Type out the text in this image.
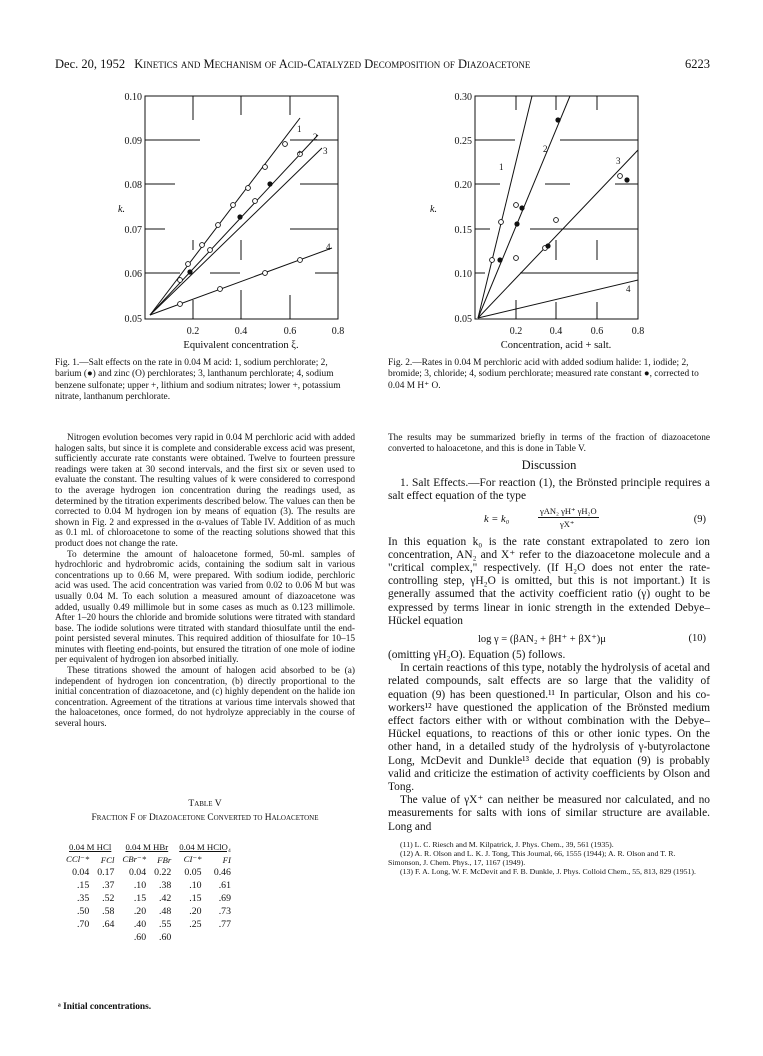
Dec. 20, 1952 Kinetics and Mechanism of Acid-Catalyzed Decomposition of Diazoacetone	6223
0.10
0.09
0.08
0.07
0.06
0.05
0.2	0.4	0.6	0.8
k.
1
2
3
+
4
Equivalent concentration ξ.
Fig. 1.—Salt effects on the rate in 0.04 M acid: 1, sodium perchlorate; 2, barium (●) and zinc (O) perchlorates; 3, lanthanum perchlorate; 4, sodium benzene sulfonate; upper +, lithium and sodium nitrates; lower +, potassium nitrate, lanthanum perchlorate.
0.30
0.25
0.20
0.15
0.10
0.05
0.2	0.4	0.6	0.8
k.
1
2
3
4
Concentration, acid + salt.
Fig. 2.—Rates in 0.04 M perchloric acid with added sodium halide: 1, iodide; 2, bromide; 3, chloride; 4, sodium perchlorate; measured rate constant ●, corrected to 0.04 M H⁺ O.

Nitrogen evolution becomes very rapid in 0.04 M perchloric acid with added halogen salts, but since it is complete and considerable excess acid was present, sufficiently accurate rate constants were obtained. Twelve to fourteen pressure readings were taken at 30 second intervals, and the first six or seven used to evaluate the constant. The resulting values of k were considered to correspond to the average hydrogen ion concentration during the readings used, as determined by the titration experiments described below. The values can then be corrected to 0.04 M hydrogen ion by means of equation (3). The results are shown in Fig. 2 and expressed in the α-values of Table IV. Addition of as much as 0.1 ml. of chloroacetone to some of the reacting solutions showed that this product does not change the rate.

To determine the amount of haloacetone formed, 50-ml. samples of hydrochloric and hydrobromic acids, containing the sodium salt in various concentrations up to 0.66 M, were prepared. With sodium iodide, perchloric acid was used. The acid concentration was varied from 0.02 to 0.06 M but was usually 0.04 M. To each solution a measured amount of diazoacetone was added, usually 0.49 millimole but in some cases as much as 0.123 millimole. After 1–20 hours the chloride and bromide solutions were titrated with standard base. The iodide solutions were titrated with standard thiosulfate until the end-point persisted several minutes. This required addition of thiosulfate for 10–15 minutes with fleeting end-points, but ensured the titration of one mole of iodine per equivalent of hydrogen ion absorbed initially.

These titrations showed the amount of halogen acid absorbed to be (a) independent of hydrogen ion concentration, (b) directly proportional to the initial concentration of diazoacetone, and (c) highly dependent on the halide ion concentration. Agreement of the titrations at various time intervals showed that the haloacetones, once formed, do not hydrolyze appreciably in the course of several hours.

Table V
Fraction F of Diazoacetone Converted to Haloacetone
0.04 M HCl		0.04 M HBr		0.04 M HClO₄	
CCl⁻*	FCl	CBr⁻*	FBr	CI⁻*	FI
0.04	0.17	0.04	0.22	0.05	0.46
.15	.37	.10	.38	.10	.61
.35	.52	.15	.42	.15	.69
.50	.58	.20	.48	.20	.73
.70	.64	.40	.55	.25	.77
		.60	.60		
ᵃ Initial concentrations.

The results may be summarized briefly in terms of the fraction of diazoacetone converted to haloacetone, and this is done in Table V.

Discussion

1. Salt Effects.—For reaction (1), the Brönsted principle requires a salt effect equation of the type

k = k₀
γAN₂ γH⁺ γH₂O
γX⁺	(9)

In this equation k₀ is the rate constant extrapolated to zero ion concentration, AN₂ and X⁺ refer to the diazoacetone molecule and a "critical complex," respectively. (If H₂O does not enter the rate-controlling step, γH₂O is omitted, but this is not important.) It is generally assumed that the activity coefficient ratio (γ) ought to be expressed by terms linear in ionic strength in the extended Debye–Hückel equation

log γ = (βAN₂ + βH⁺ + βX⁺)μ	(10)

(omitting γH₂O). Equation (5) follows.

In certain reactions of this type, notably the hydrolysis of acetal and related compounds, salt effects are so large that the validity of equation (9) has been questioned.¹¹ In particular, Olson and his co-workers¹² have questioned the application of the Brönsted medium effect factors either with or without combination with the Debye–Hückel equations, to reactions of this or other ionic types. On the other hand, in a detailed study of the hydrolysis of γ-butyrolactone Long, McDevit and Dunkle¹³ decide that equation (9) is probably valid and criticize the estimation of activity coefficients by Olson and Tong.

The value of γX⁺ can neither be measured nor calculated, and no measurements for salts with ions of similar structure are available. Long and

(11) L. C. Riesch and M. Kilpatrick, J. Phys. Chem., 39, 561 (1935).

(12) A. R. Olson and L. K. J. Tong, This Journal, 66, 1555 (1944); A. R. Olson and T. R. Simonson, J. Chem. Phys., 17, 1167 (1949).

(13) F. A. Long, W. F. McDevit and F. B. Dunkle, J. Phys. Colloid Chem., 55, 813, 829 (1951).
